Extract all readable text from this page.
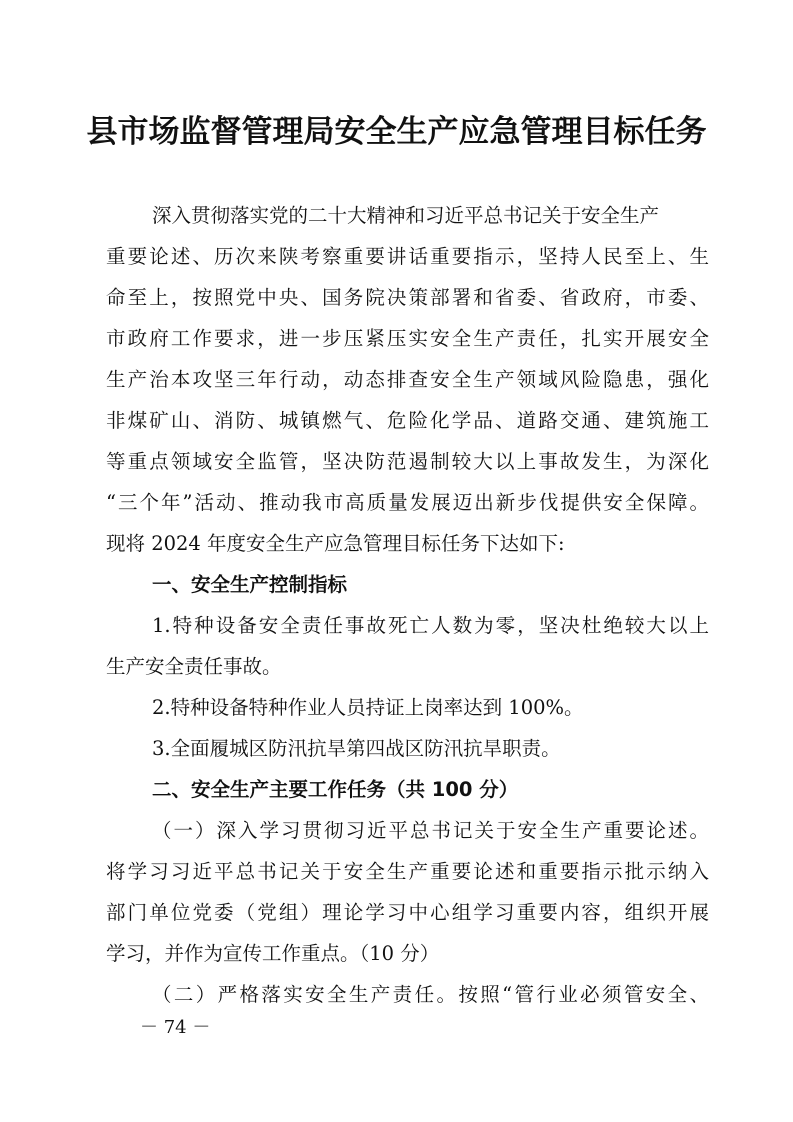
县市场监督管理局安全生产应急管理目标任务
深入贯彻落实党的二十大精神和习近平总书记关于安全生产
重要论述、历次来陕考察重要讲话重要指示，坚持人民至上、生
命至上，按照党中央、国务院决策部署和省委、省政府，市委、
市政府工作要求，进一步压紧压实安全生产责任，扎实开展安全
生产治本攻坚三年行动，动态排查安全生产领域风险隐患，强化
非煤矿山、消防、城镇燃气、危险化学品、道路交通、建筑施工
等重点领域安全监管，坚决防范遏制较大以上事故发生，为深化
“三个年”活动、推动我市高质量发展迈出新步伐提供安全保障。
现将 2024 年度安全生产应急管理目标任务下达如下:
一、安全生产控制指标
1.特种设备安全责任事故死亡人数为零，坚决杜绝较大以上
生产安全责任事故。
2.特种设备特种作业人员持证上岗率达到 100%。
3.全面履城区防汛抗旱第四战区防汛抗旱职责。
二、安全生产主要工作任务（共 100 分）
（一）深入学习贯彻习近平总书记关于安全生产重要论述。
将学习习近平总书记关于安全生产重要论述和重要指示批示纳入
部门单位党委（党组）理论学习中心组学习重要内容，组织开展
学习，并作为宣传工作重点。（10 分）
（二）严格落实安全生产责任。按照“管行业必须管安全、
－ 74 －
